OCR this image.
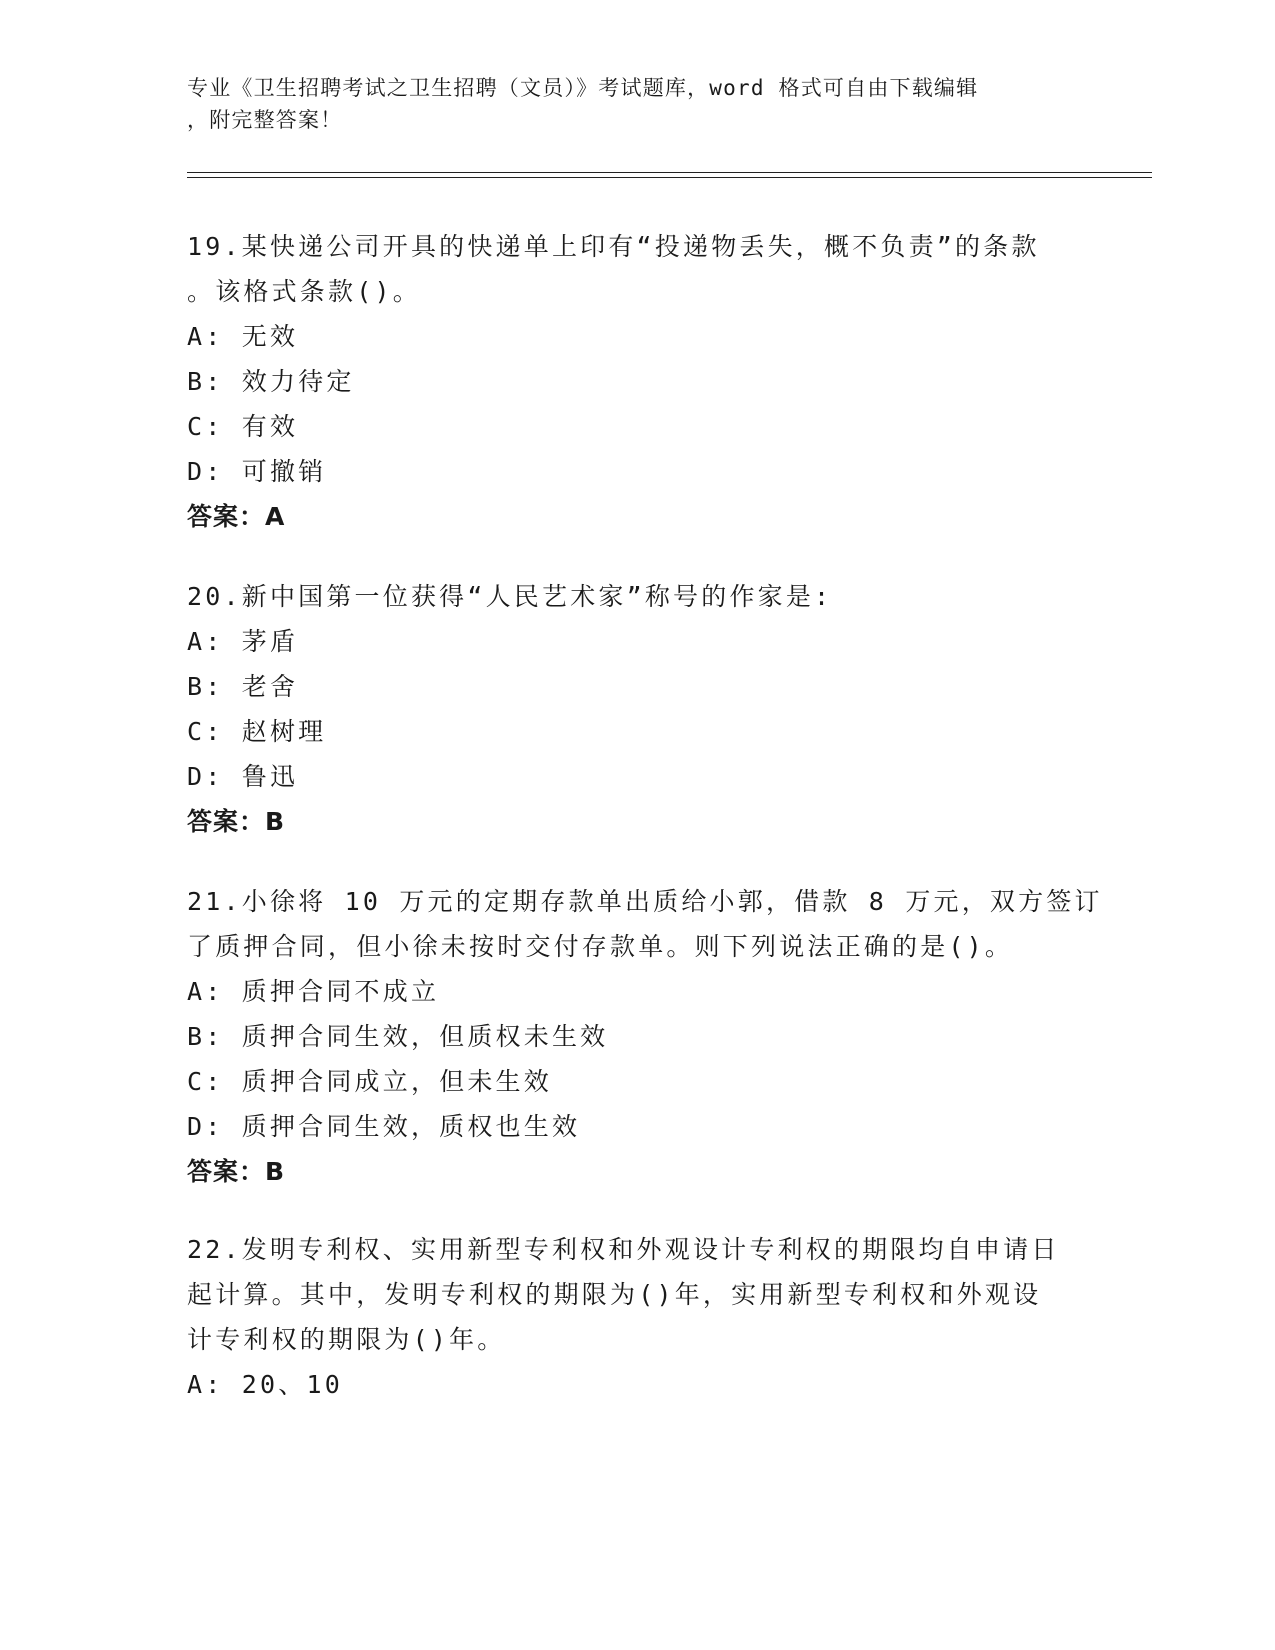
专业《卫生招聘考试之卫生招聘（文员）》考试题库，word 格式可自由下载编辑
，附完整答案！
19.某快递公司开具的快递单上印有“投递物丢失，概不负责”的条款
。该格式条款()。
A: 无效
B: 效力待定
C: 有效
D: 可撤销
答案：A
20.新中国第一位获得“人民艺术家”称号的作家是:
A: 茅盾
B: 老舍
C: 赵树理
D: 鲁迅
答案：B
21.小徐将 10 万元的定期存款单出质给小郭，借款 8 万元，双方签订
了质押合同，但小徐未按时交付存款单。则下列说法正确的是()。
A: 质押合同不成立
B: 质押合同生效，但质权未生效
C: 质押合同成立，但未生效
D: 质押合同生效，质权也生效
答案：B
22.发明专利权、实用新型专利权和外观设计专利权的期限均自申请日
起计算。其中，发明专利权的期限为()年，实用新型专利权和外观设
计专利权的期限为()年。
A: 20、10
